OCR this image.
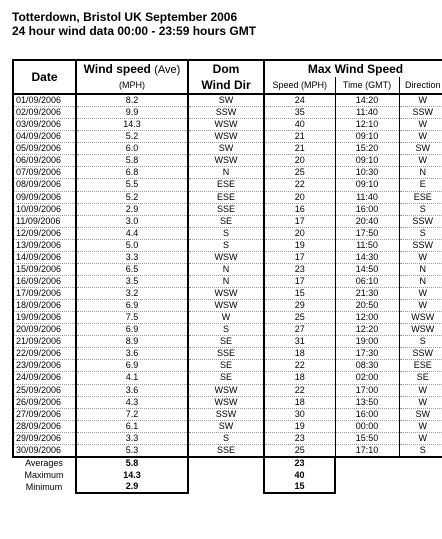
Totterdown, Bristol UK September 2006
24 hour wind data 00:00 - 23:59 hours GMT
Date	Wind speed (Ave)	Dom	Max Wind Speed		
	(MPH)	Wind Dir	Speed (MPH)	Time (GMT)	Direction
01/09/2006	8.2	SW	24	14:20	W
02/09/2006	9.9	SSW	35	11:40	SSW
03/09/2006	14.3	WSW	40	12:10	W
04/09/2006	5.2	WSW	21	09:10	W
05/09/2006	6.0	SW	21	15:20	SW
06/09/2006	5.8	WSW	20	09:10	W
07/09/2006	6.8	N	25	10:30	N
08/09/2006	5.5	ESE	22	09:10	E
09/09/2006	5.2	ESE	20	11:40	ESE
10/09/2006	2.9	SSE	16	16:00	S
11/09/2006	3.0	SE	17	20:40	SSW
12/09/2006	4.4	S	20	17:50	S
13/09/2006	5.0	S	19	11:50	SSW
14/09/2006	3.3	WSW	17	14:30	W
15/09/2006	6.5	N	23	14:50	N
16/09/2006	3.5	N	17	06:10	N
17/09/2006	3.2	WSW	15	21:30	W
18/09/2006	6.9	WSW	29	20:50	W
19/09/2006	7.5	W	25	12:00	WSW
20/09/2006	6.9	S	27	12:20	WSW
21/09/2006	8.9	SE	31	19:00	S
22/09/2006	3.6	SSE	18	17:30	SSW
23/09/2006	6.9	SE	22	08:30	ESE
24/09/2006	4.1	SE	18	02:00	SE
25/09/2006	3.6	WSW	22	17:00	W
26/09/2006	4.3	WSW	18	13:50	W
27/09/2006	7.2	SSW	30	16:00	SW
28/09/2006	6.1	SW	19	00:00	W
29/09/2006	3.3	S	23	15:50	W
30/09/2006	5.3	SSE	25	17:10	S
Averages	5.8		23		
Maximum	14.3		40		
Minimum	2.9		15		
